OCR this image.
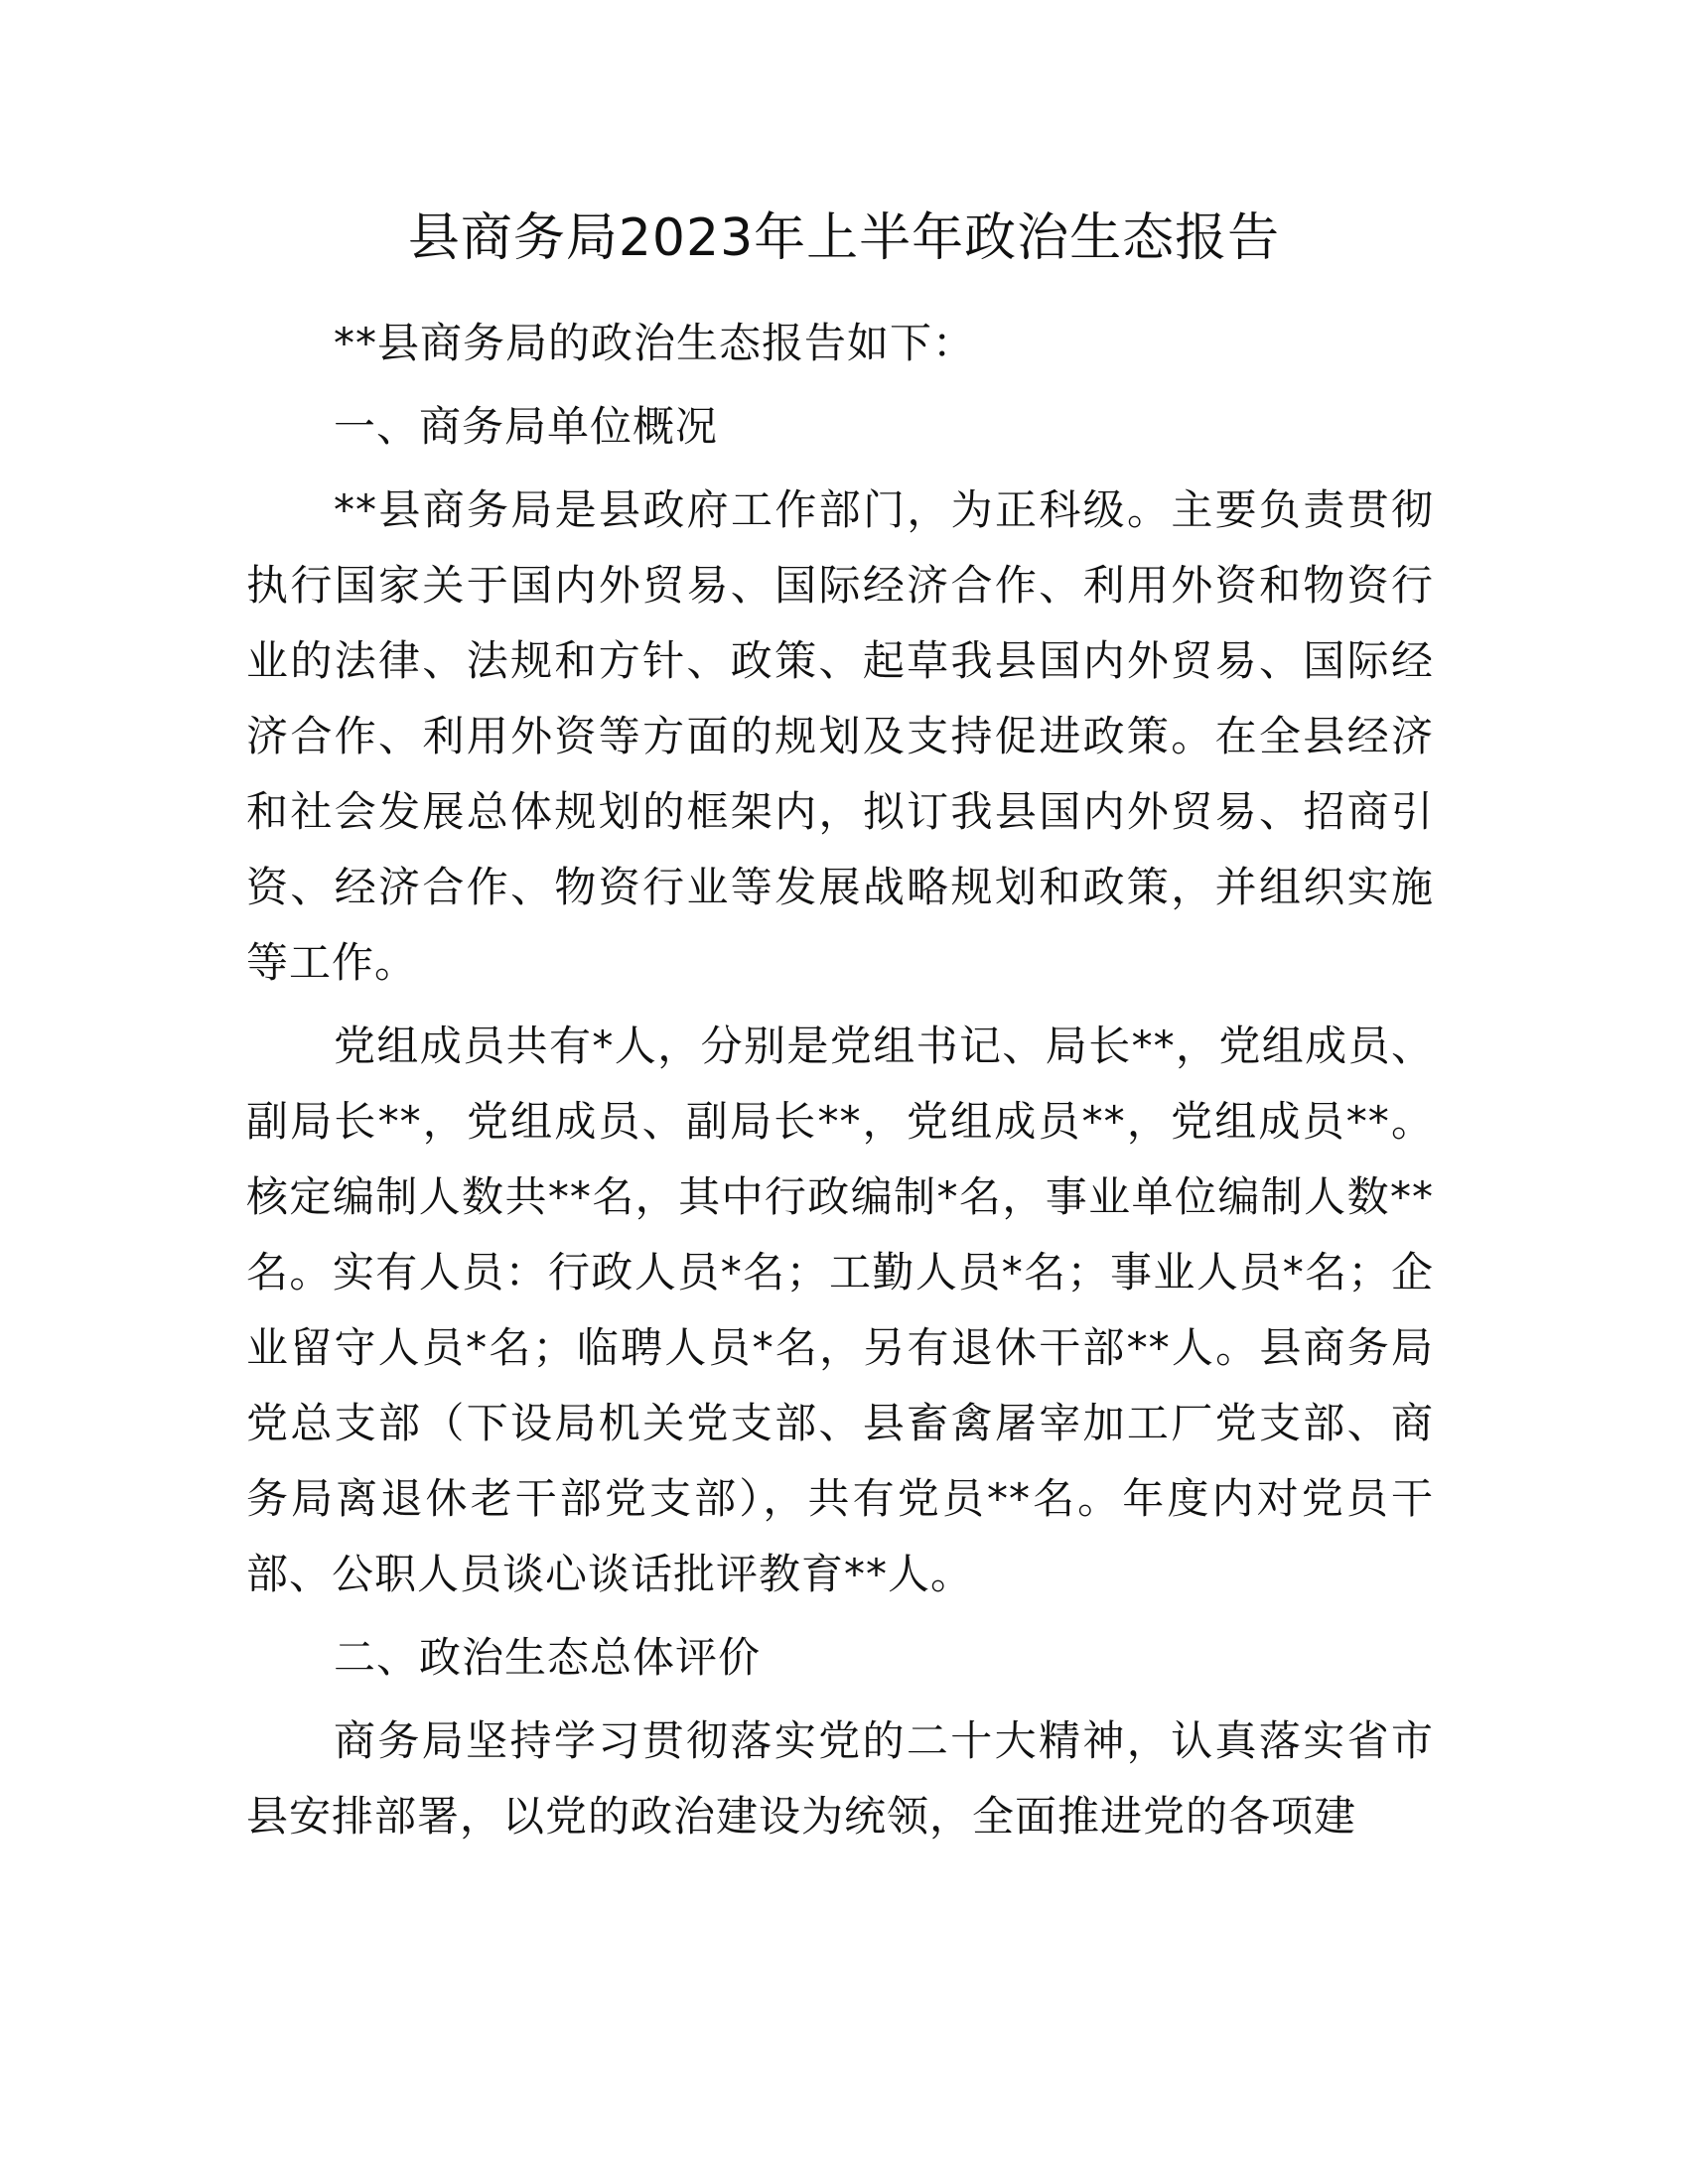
县商务局2023年上半年政治生态报告

**县商务局的政治生态报告如下：

一、商务局单位概况

**县商务局是县政府工作部门，为正科级。主要负责贯彻执行国家关于国内外贸易、国际经济合作、利用外资和物资行业的法律、法规和方针、政策、起草我县国内外贸易、国际经济合作、利用外资等方面的规划及支持促进政策。在全县经济和社会发展总体规划的框架内，拟订我县国内外贸易、招商引资、经济合作、物资行业等发展战略规划和政策，并组织实施等工作。

党组成员共有*人，分别是党组书记、局长**，党组成员、副局长**，党组成员、副局长**，党组成员**，党组成员**。核定编制人数共**名，其中行政编制*名，事业单位编制人数**名。实有人员：行政人员*名；工勤人员*名；事业人员*名；企业留守人员*名；临聘人员*名，另有退休干部**人。县商务局党总支部（下设局机关党支部、县畜禽屠宰加工厂党支部、商务局离退休老干部党支部），共有党员**名。年度内对党员干部、公职人员谈心谈话批评教育**人。

二、政治生态总体评价

商务局坚持学习贯彻落实党的二十大精神，认真落实省市县安排部署，以党的政治建设为统领，全面推进党的各项建
